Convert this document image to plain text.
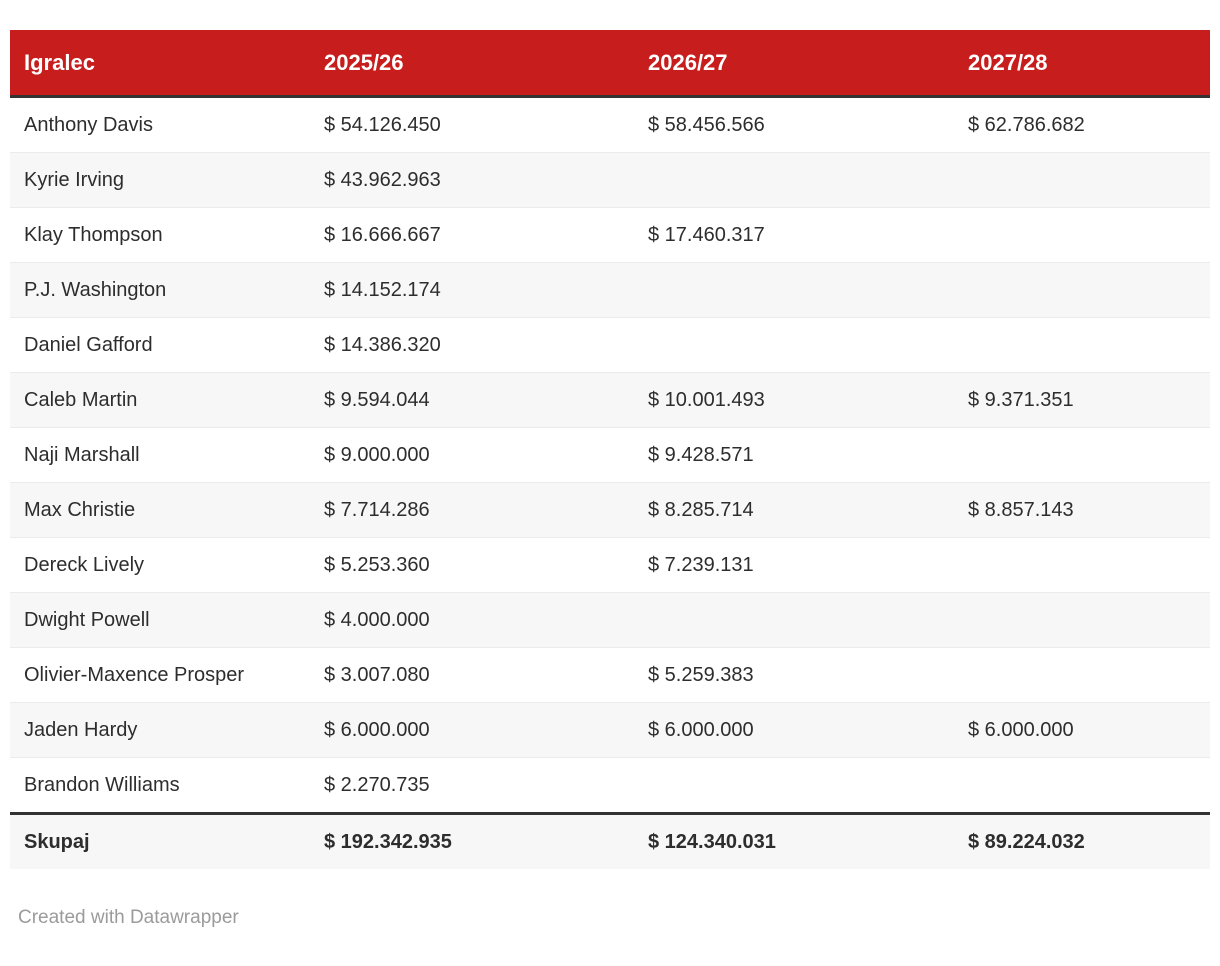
Igralec	2025/26	2026/27	2027/28
Anthony Davis	$ 54.126.450	$ 58.456.566	$ 62.786.682
Kyrie Irving	$ 43.962.963		
Klay Thompson	$ 16.666.667	$ 17.460.317	
P.J. Washington	$ 14.152.174		
Daniel Gafford	$ 14.386.320		
Caleb Martin	$ 9.594.044	$ 10.001.493	$ 9.371.351
Naji Marshall	$ 9.000.000	$ 9.428.571	
Max Christie	$ 7.714.286	$ 8.285.714	$ 8.857.143
Dereck Lively	$ 5.253.360	$ 7.239.131	
Dwight Powell	$ 4.000.000		
Olivier-Maxence Prosper	$ 3.007.080	$ 5.259.383	
Jaden Hardy	$ 6.000.000	$ 6.000.000	$ 6.000.000
Brandon Williams	$ 2.270.735		
Skupaj	$ 192.342.935	$ 124.340.031	$ 89.224.032
Created with Datawrapper
